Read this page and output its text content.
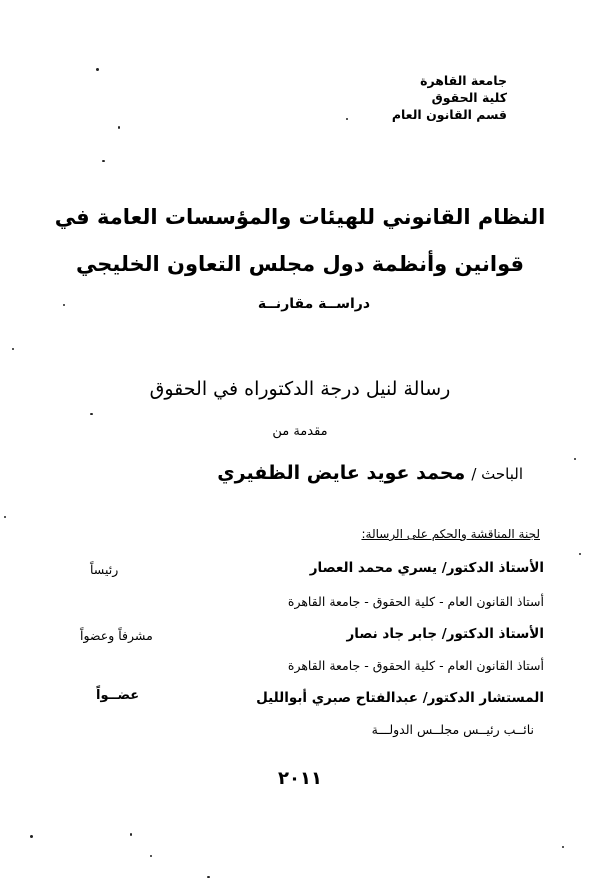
جامعة القاهرة
كلية الحقوق
قسم القانون العام
النظام القانوني للهيئات والمؤسسات العامة في
قوانين وأنظمة دول مجلس التعاون الخليجي
دراســة مقارنــة
رسالة لنيل درجة الدكتوراه في الحقوق
مقدمة من
الباحث / محمد عويد عايض الظفيري
لجنة المناقشة والحكم على الرسالة:
الأستاذ الدكتور/ يسري محمد العصار
رئيساً
أستاذ القانون العام - كلية الحقوق - جامعة القاهرة
الأستاذ الدكتور/ جابر جاد نصار
مشرفاً وعضواً
أستاذ القانون العام - كلية الحقوق - جامعة القاهرة
المستشار الدكتور/ عبدالفتاح صبري أبوالليل
عضــواً
نائــب رئيــس مجلــس الدولـــة
٢٠١١
